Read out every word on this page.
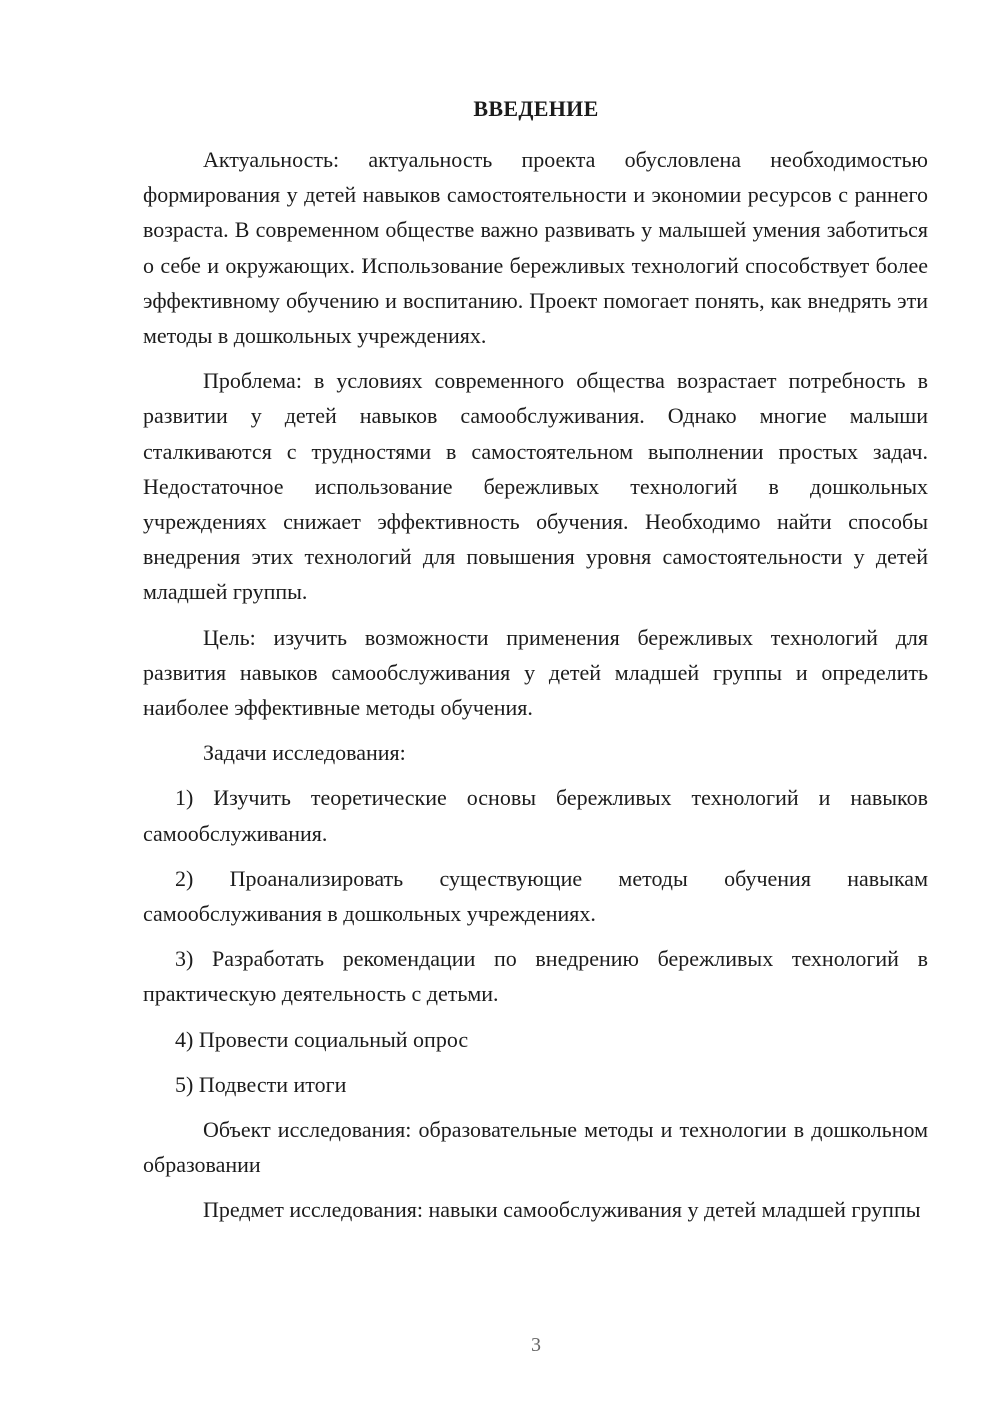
ВВЕДЕНИЕ

Актуальность: актуальность проекта обусловлена необходимостью формирования у детей навыков самостоятельности и экономии ресурсов с раннего возраста. В современном обществе важно развивать у малышей умения заботиться о себе и окружающих. Использование бережливых технологий способствует более эффективному обучению и воспитанию. Проект помогает понять, как внедрять эти методы в дошкольных учреждениях.

Проблема: в условиях современного общества возрастает потребность в развитии у детей навыков самообслуживания. Однако многие малыши сталкиваются с трудностями в самостоятельном выполнении простых задач. Недостаточное использование бережливых технологий в дошкольных учреждениях снижает эффективность обучения. Необходимо найти способы внедрения этих технологий для повышения уровня самостоятельности у детей младшей группы.

Цель: изучить возможности применения бережливых технологий для развития навыков самообслуживания у детей младшей группы и определить наиболее эффективные методы обучения.

Задачи исследования:

1) Изучить теоретические основы бережливых технологий и навыков самообслуживания.

2) Проанализировать существующие методы обучения навыкам самообслуживания в дошкольных учреждениях.

3) Разработать рекомендации по внедрению бережливых технологий в практическую деятельность с детьми.

4) Провести социальный опрос

5) Подвести итоги

Объект исследования: образовательные методы и технологии в дошкольном образовании

Предмет исследования: навыки самообслуживания у детей младшей группы

3
